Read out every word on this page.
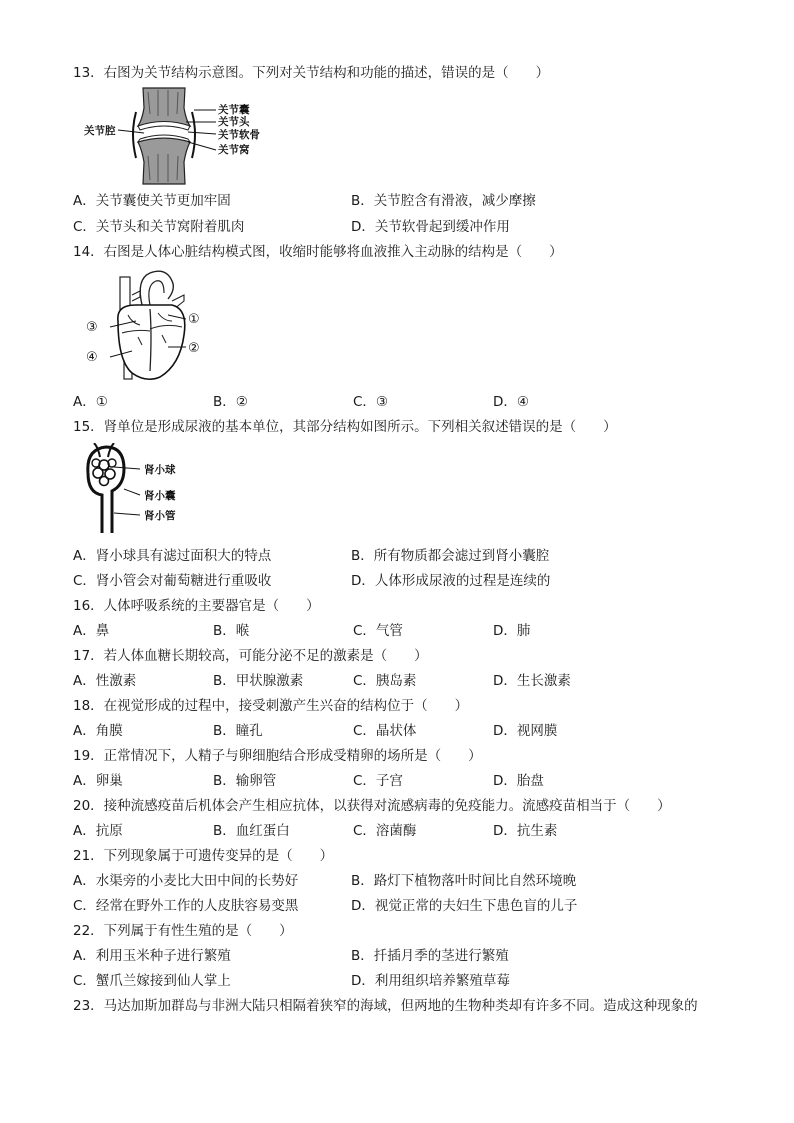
13．右图为关节结构示意图。下列对关节结构和功能的描述，错误的是（　　）
关节腔
关节囊
关节头
关节软骨
关节窝
A．关节囊使关节更加牢固	B．关节腔含有滑液，减少摩擦
C．关节头和关节窝附着肌肉	D．关节软骨起到缓冲作用
14．右图是人体心脏结构模式图，收缩时能够将血液推入主动脉的结构是（　　）
③
④
①
②
A．①	B．②	C．③	D．④
15．肾单位是形成尿液的基本单位，其部分结构如图所示。下列相关叙述错误的是（　　）
肾小球
肾小囊
肾小管
A．肾小球具有滤过面积大的特点	B．所有物质都会滤过到肾小囊腔
C．肾小管会对葡萄糖进行重吸收	D．人体形成尿液的过程是连续的
16．人体呼吸系统的主要器官是（　　）
A．鼻	B．喉	C．气管	D．肺
17．若人体血糖长期较高，可能分泌不足的激素是（　　）
A．性激素	B．甲状腺激素	C．胰岛素	D．生长激素
18．在视觉形成的过程中，接受刺激产生兴奋的结构位于（　　）
A．角膜	B．瞳孔	C．晶状体	D．视网膜
19．正常情况下，人精子与卵细胞结合形成受精卵的场所是（　　）
A．卵巢	B．输卵管	C．子宫	D．胎盘
20．接种流感疫苗后机体会产生相应抗体，以获得对流感病毒的免疫能力。流感疫苗相当于（　　）
A．抗原	B．血红蛋白	C．溶菌酶	D．抗生素
21．下列现象属于可遗传变异的是（　　）
A．水渠旁的小麦比大田中间的长势好	B．路灯下植物落叶时间比自然环境晚
C．经常在野外工作的人皮肤容易变黑	D．视觉正常的夫妇生下患色盲的儿子
22．下列属于有性生殖的是（　　）
A．利用玉米种子进行繁殖	B．扦插月季的茎进行繁殖
C．蟹爪兰嫁接到仙人掌上	D．利用组织培养繁殖草莓
23．马达加斯加群岛与非洲大陆只相隔着狭窄的海域，但两地的生物种类却有许多不同。造成这种现象的
